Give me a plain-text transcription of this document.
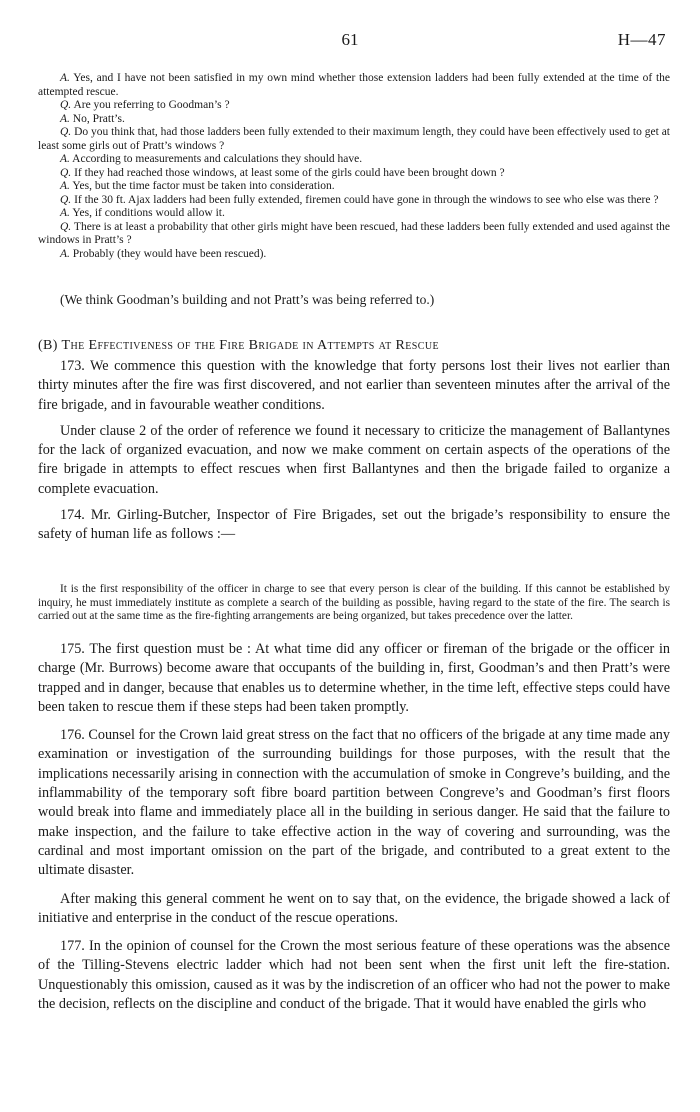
61	H—47

A. Yes, and I have not been satisfied in my own mind whether those extension ladders had been fully extended at the time of the attempted rescue.

Q. Are you referring to Goodman’s ?

A. No, Pratt’s.

Q. Do you think that, had those ladders been fully extended to their maximum length, they could have been effectively used to get at least some girls out of Pratt’s windows ?

A. According to measurements and calculations they should have.

Q. If they had reached those windows, at least some of the girls could have been brought down ?

A. Yes, but the time factor must be taken into consideration.

Q. If the 30 ft. Ajax ladders had been fully extended, firemen could have gone in through the windows to see who else was there ?

A. Yes, if conditions would allow it.

Q. There is at least a probability that other girls might have been rescued, had these ladders been fully extended and used against the windows in Pratt’s ?

A. Probably (they would have been rescued).

(We think Goodman’s building and not Pratt’s was being referred to.)
(B) The Effectiveness of the Fire Brigade in Attempts at Rescue

173. We commence this question with the knowledge that forty persons lost their lives not earlier than thirty minutes after the fire was first discovered, and not earlier than seventeen minutes after the arrival of the fire brigade, and in favourable weather conditions.

Under clause 2 of the order of reference we found it necessary to criticize the management of Ballantynes for the lack of organized evacuation, and now we make comment on certain aspects of the operations of the fire brigade in attempts to effect rescues when first Ballantynes and then the brigade failed to organize a complete evacuation.

174. Mr. Girling-Butcher, Inspector of Fire Brigades, set out the brigade’s responsibility to ensure the safety of human life as follows :—

It is the first responsibility of the officer in charge to see that every person is clear of the building. If this cannot be established by inquiry, he must immediately institute as complete a search of the building as possible, having regard to the state of the fire. The search is carried out at the same time as the fire-fighting arrangements are being organized, but takes precedence over the latter.

175. The first question must be : At what time did any officer or fireman of the brigade or the officer in charge (Mr. Burrows) become aware that occupants of the building in, first, Goodman’s and then Pratt’s were trapped and in danger, because that enables us to determine whether, in the time left, effective steps could have been taken to rescue them if these steps had been taken promptly.

176. Counsel for the Crown laid great stress on the fact that no officers of the brigade at any time made any examination or investigation of the surrounding buildings for those purposes, with the result that the implications necessarily arising in connection with the accumulation of smoke in Congreve’s building, and the inflammability of the temporary soft fibre board partition between Congreve’s and Goodman’s first floors would break into flame and immediately place all in the building in serious danger. He said that the failure to make inspection, and the failure to take effective action in the way of covering and surrounding, was the cardinal and most important omission on the part of the brigade, and contributed to a great extent to the ultimate disaster.

After making this general comment he went on to say that, on the evidence, the brigade showed a lack of initiative and enterprise in the conduct of the rescue operations.

177. In the opinion of counsel for the Crown the most serious feature of these operations was the absence of the Tilling-Stevens electric ladder which had not been sent when the first unit left the fire-station. Unquestionably this omission, caused as it was by the indiscretion of an officer who had not the power to make the decision, reflects on the discipline and conduct of the brigade. That it would have enabled the girls who
